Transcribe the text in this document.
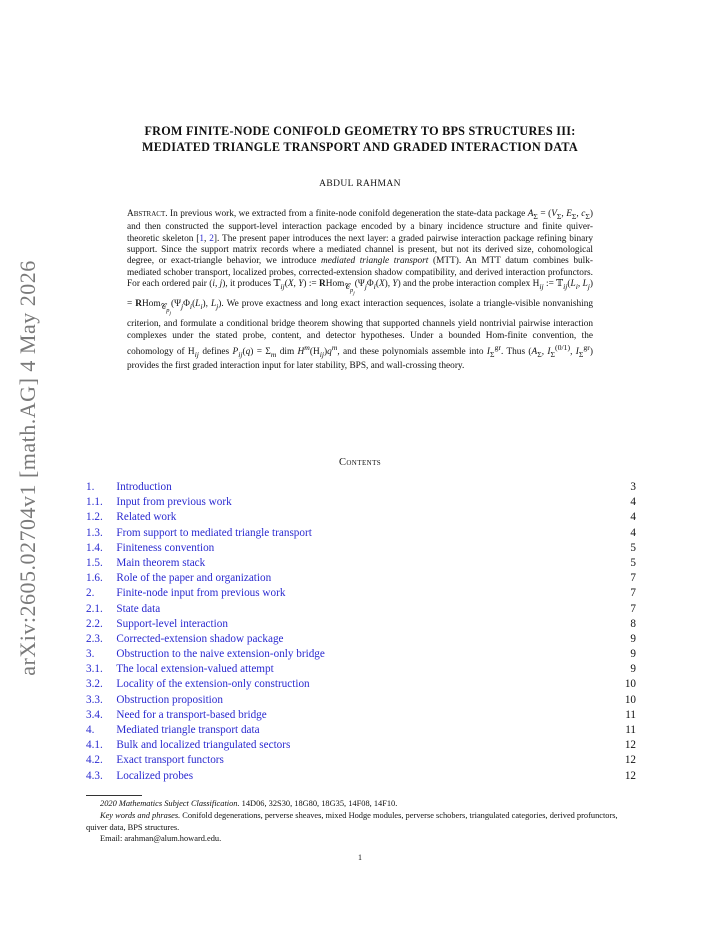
arXiv:2605.02704v1 [math.AG] 4 May 2026
FROM FINITE-NODE CONIFOLD GEOMETRY TO BPS STRUCTURES III:
MEDIATED TRIANGLE TRANSPORT AND GRADED INTERACTION DATA
ABDUL RAHMAN
Abstract. In previous work, we extracted from a finite-node conifold degeneration the state-data package $A_\Sigma = (V_\Sigma$, $E_\Sigma$, $c_\Sigma$) and then constructed the support-level interaction package encoded by a binary incidence structure and finite quiver-theoretic skeleton [1, 2]. The present paper introduces the next layer: a graded pairwise interaction package refining binary support. Since the support matrix records where a mediated channel is present, but not its derived size, cohomological degree, or exact-triangle behavior, we introduce mediated triangle transport (MTT). An MTT datum combines bulk-mediated schober transport, localized probes, corrected-extension shadow compatibility, and derived interaction profunctors. For each ordered pair (i, j), it produces 𝕋$_{ij}$(X, Y) := $RHom_{𝒞_{p_j}}(\Psi_j\Phi_i(X)$, Y) and the probe interaction complex $H_{ij}$ := $𝕋_{ij}(L_i$, $L_j$) = $RHom_{𝒞_{p_j}}(\Psi_j\Phi_i(L_i)$, $L_j$). We prove exactness and long exact interaction sequences, isolate a triangle-visible nonvanishing criterion, and formulate a conditional bridge theorem showing that supported channels yield nontrivial pairwise interaction complexes under the stated probe, content, and detector hypotheses. Under a bounded Hom-finite convention, the cohomology of $H_{ij}$ defines $P_{ij}(q) = \Sigma_m$ dim $H^m(H_{ij})q^m$, and these polynomials assemble into $I_\Sigma^{gr}$. Thus ($A_\Sigma$, $I_\Sigma^{(0/1)}$, $I_\Sigma^{gr}$) provides the first graded interaction input for later stability, BPS, and wall-crossing theory.
Contents
1. Introduction	3
1.1. Input from previous work	4
1.2. Related work	4
1.3. From support to mediated triangle transport	4
1.4. Finiteness convention	5
1.5. Main theorem stack	5
1.6. Role of the paper and organization	7
2. Finite-node input from previous work	7
2.1. State data	7
2.2. Support-level interaction	8
2.3. Corrected-extension shadow package	9
3. Obstruction to the naive extension-only bridge	9
3.1. The local extension-valued attempt	9
3.2. Locality of the extension-only construction	10
3.3. Obstruction proposition	10
3.4. Need for a transport-based bridge	11
4. Mediated triangle transport data	11
4.1. Bulk and localized triangulated sectors	12
4.2. Exact transport functors	12
4.3. Localized probes	12

2020 Mathematics Subject Classification. 14D06, 32S30, 18G80, 18G35, 14F08, 14F10.

Key words and phrases. Conifold degenerations, perverse sheaves, mixed Hodge modules, perverse schobers, triangulated categories, derived profunctors, quiver data, BPS structures.

Email: arahman@alum.howard.edu.

1
